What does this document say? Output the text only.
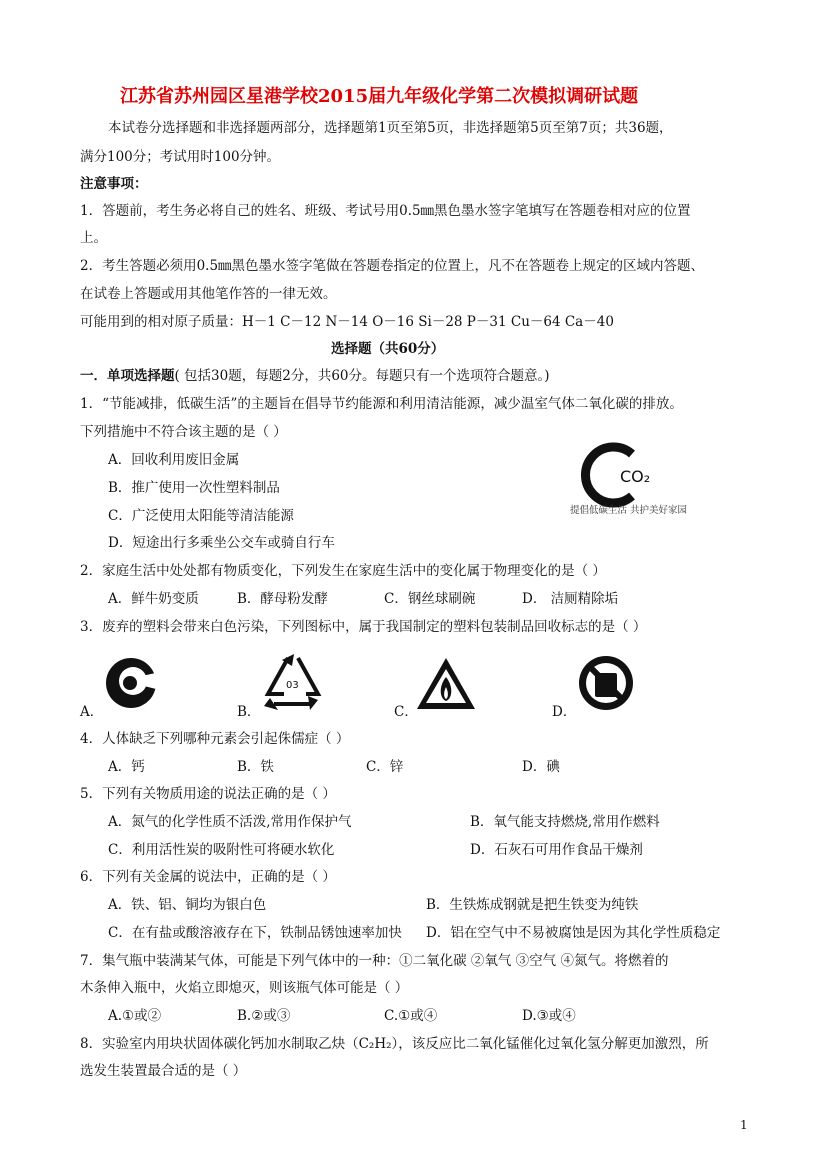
江苏省苏州园区星港学校2015届九年级化学第二次模拟调研试题
本试卷分选择题和非选择题两部分，选择题第1页至第5页，非选择题第5页至第7页；共36题，
满分100分；考试用时100分钟。
注意事项：
1．答题前，考生务必将自己的姓名、班级、考试号用0.5㎜黑色墨水签字笔填写在答题卷相对应的位置
上。
2．考生答题必须用0.5㎜黑色墨水签字笔做在答题卷指定的位置上，凡不在答题卷上规定的区域内答题、
在试卷上答题或用其他笔作答的一律无效。
可能用到的相对原子质量：H－1 C－12 N－14 O－16 Si－28 P－31 Cu－64 Ca－40
选择题（共60分）
一．单项选择题( 包括30题，每题2分，共60分。每题只有一个选项符合题意。)
1．“节能减排，低碳生活”的主题旨在倡导节约能源和利用清洁能源，减少温室气体二氧化碳的排放。
下列措施中不符合该主题的是（ ）
A．回收利用废旧金属
B．推广使用一次性塑料制品
C．广泛使用太阳能等清洁能源
D．短途出行多乘坐公交车或骑自行车
CO₂
提倡低碳生活 共护美好家园
2．家庭生活中处处都有物质变化，下列发生在家庭生活中的变化属于物理变化的是（ ）
A．鲜牛奶变质	B．酵母粉发酵	C．钢丝球刷碗	D． 洁厕精除垢
3．废弃的塑料会带来白色污染，下列图标中，属于我国制定的塑料包装制品回收标志的是（ ）
A．	B．
03
C．	D．
4．人体缺乏下列哪种元素会引起侏儒症（ ）
A．钙	B．铁	C．锌	D．碘
5．下列有关物质用途的说法正确的是（ ）
A．氮气的化学性质不活泼,常用作保护气	B．氧气能支持燃烧,常用作燃料
C．利用活性炭的吸附性可将硬水软化	D．石灰石可用作食品干燥剂
6．下列有关金属的说法中，正确的是（ ）
A．铁、铝、铜均为银白色	B．生铁炼成钢就是把生铁变为纯铁
C．在有盐或酸溶液存在下，铁制品锈蚀速率加快 D．铝在空气中不易被腐蚀是因为其化学性质稳定
7．集气瓶中装满某气体，可能是下列气体中的一种：①二氧化碳 ②氧气 ③空气 ④氮气。将燃着的
木条伸入瓶中，火焰立即熄灭，则该瓶气体可能是（ ）
A.①或②	B.②或③	C.①或④	D.③或④
8．实验室内用块状固体碳化钙加水制取乙炔（C₂H₂），该反应比二氧化锰催化过氧化氢分解更加激烈，所
选发生装置最合适的是（ ）
1
